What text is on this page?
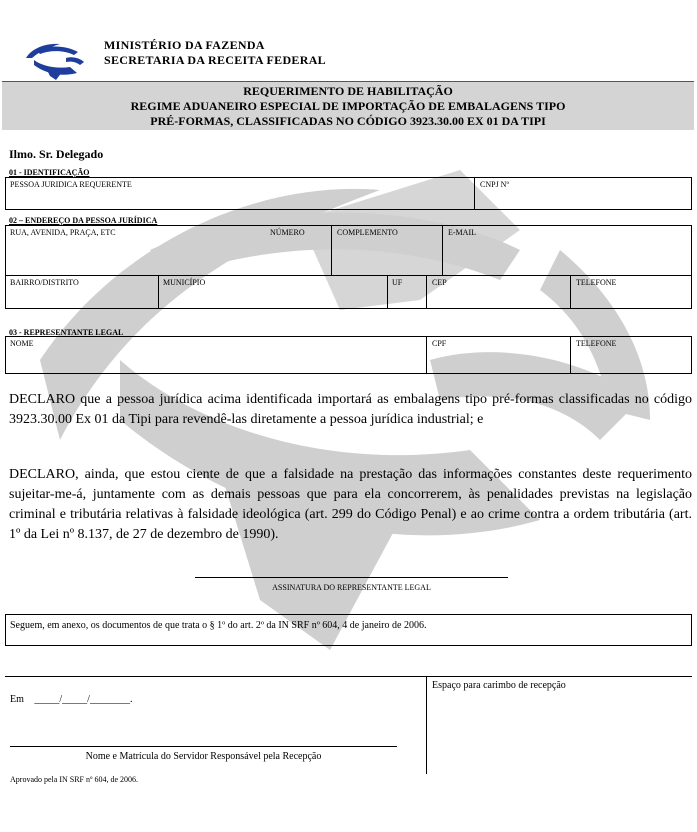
MINISTÉRIO DA FAZENDA
SECRETARIA DA RECEITA FEDERAL
REQUERIMENTO DE HABILITAÇÃO
REGIME ADUANEIRO ESPECIAL DE IMPORTAÇÃO DE EMBALAGENS TIPO
PRÉ-FORMAS, CLASSIFICADAS NO CÓDIGO 3923.30.00 EX 01 DA TIPI
Ilmo. Sr. Delegado
01 - IDENTIFICAÇÃO
PESSOA JURIDICA REQUERENTE	CNPJ Nº
02 – ENDEREÇO DA PESSOA JURÍDICA
RUA, AVENIDA, PRAÇA, ETC	NÚMERO	COMPLEMENTO	E-MAIL
BAIRRO/DISTRITO	MUNICÍPIO	UF	CEP	TELEFONE
03 - REPRESENTANTE LEGAL
NOME	CPF	TELEFONE
DECLARO que a pessoa jurídica acima identificada importará as embalagens tipo pré-formas classificadas no código 3923.30.00 Ex 01 da Tipi para revendê-las diretamente a pessoa jurídica industrial; e
DECLARO, ainda, que estou ciente de que a falsidade na prestação das informações constantes deste requerimento sujeitar-me-á, juntamente com as demais pessoas que para ela concorrerem, às penalidades previstas na legislação criminal e tributária relativas à falsidade ideológica (art. 299 do Código Penal) e ao crime contra a ordem tributária (art. 1º da Lei nº 8.137, de 27 de dezembro de 1990).
ASSINATURA DO REPRESENTANTE LEGAL
Seguem, em anexo, os documentos de que trata o § 1º do art. 2º da IN SRF nº 604, 4 de janeiro de 2006.
Em _____/_____/________.
Nome e Matrícula do Servidor Responsável pela Recepção
Espaço para carimbo de recepção
Aprovado pela IN SRF nº 604, de 2006.
